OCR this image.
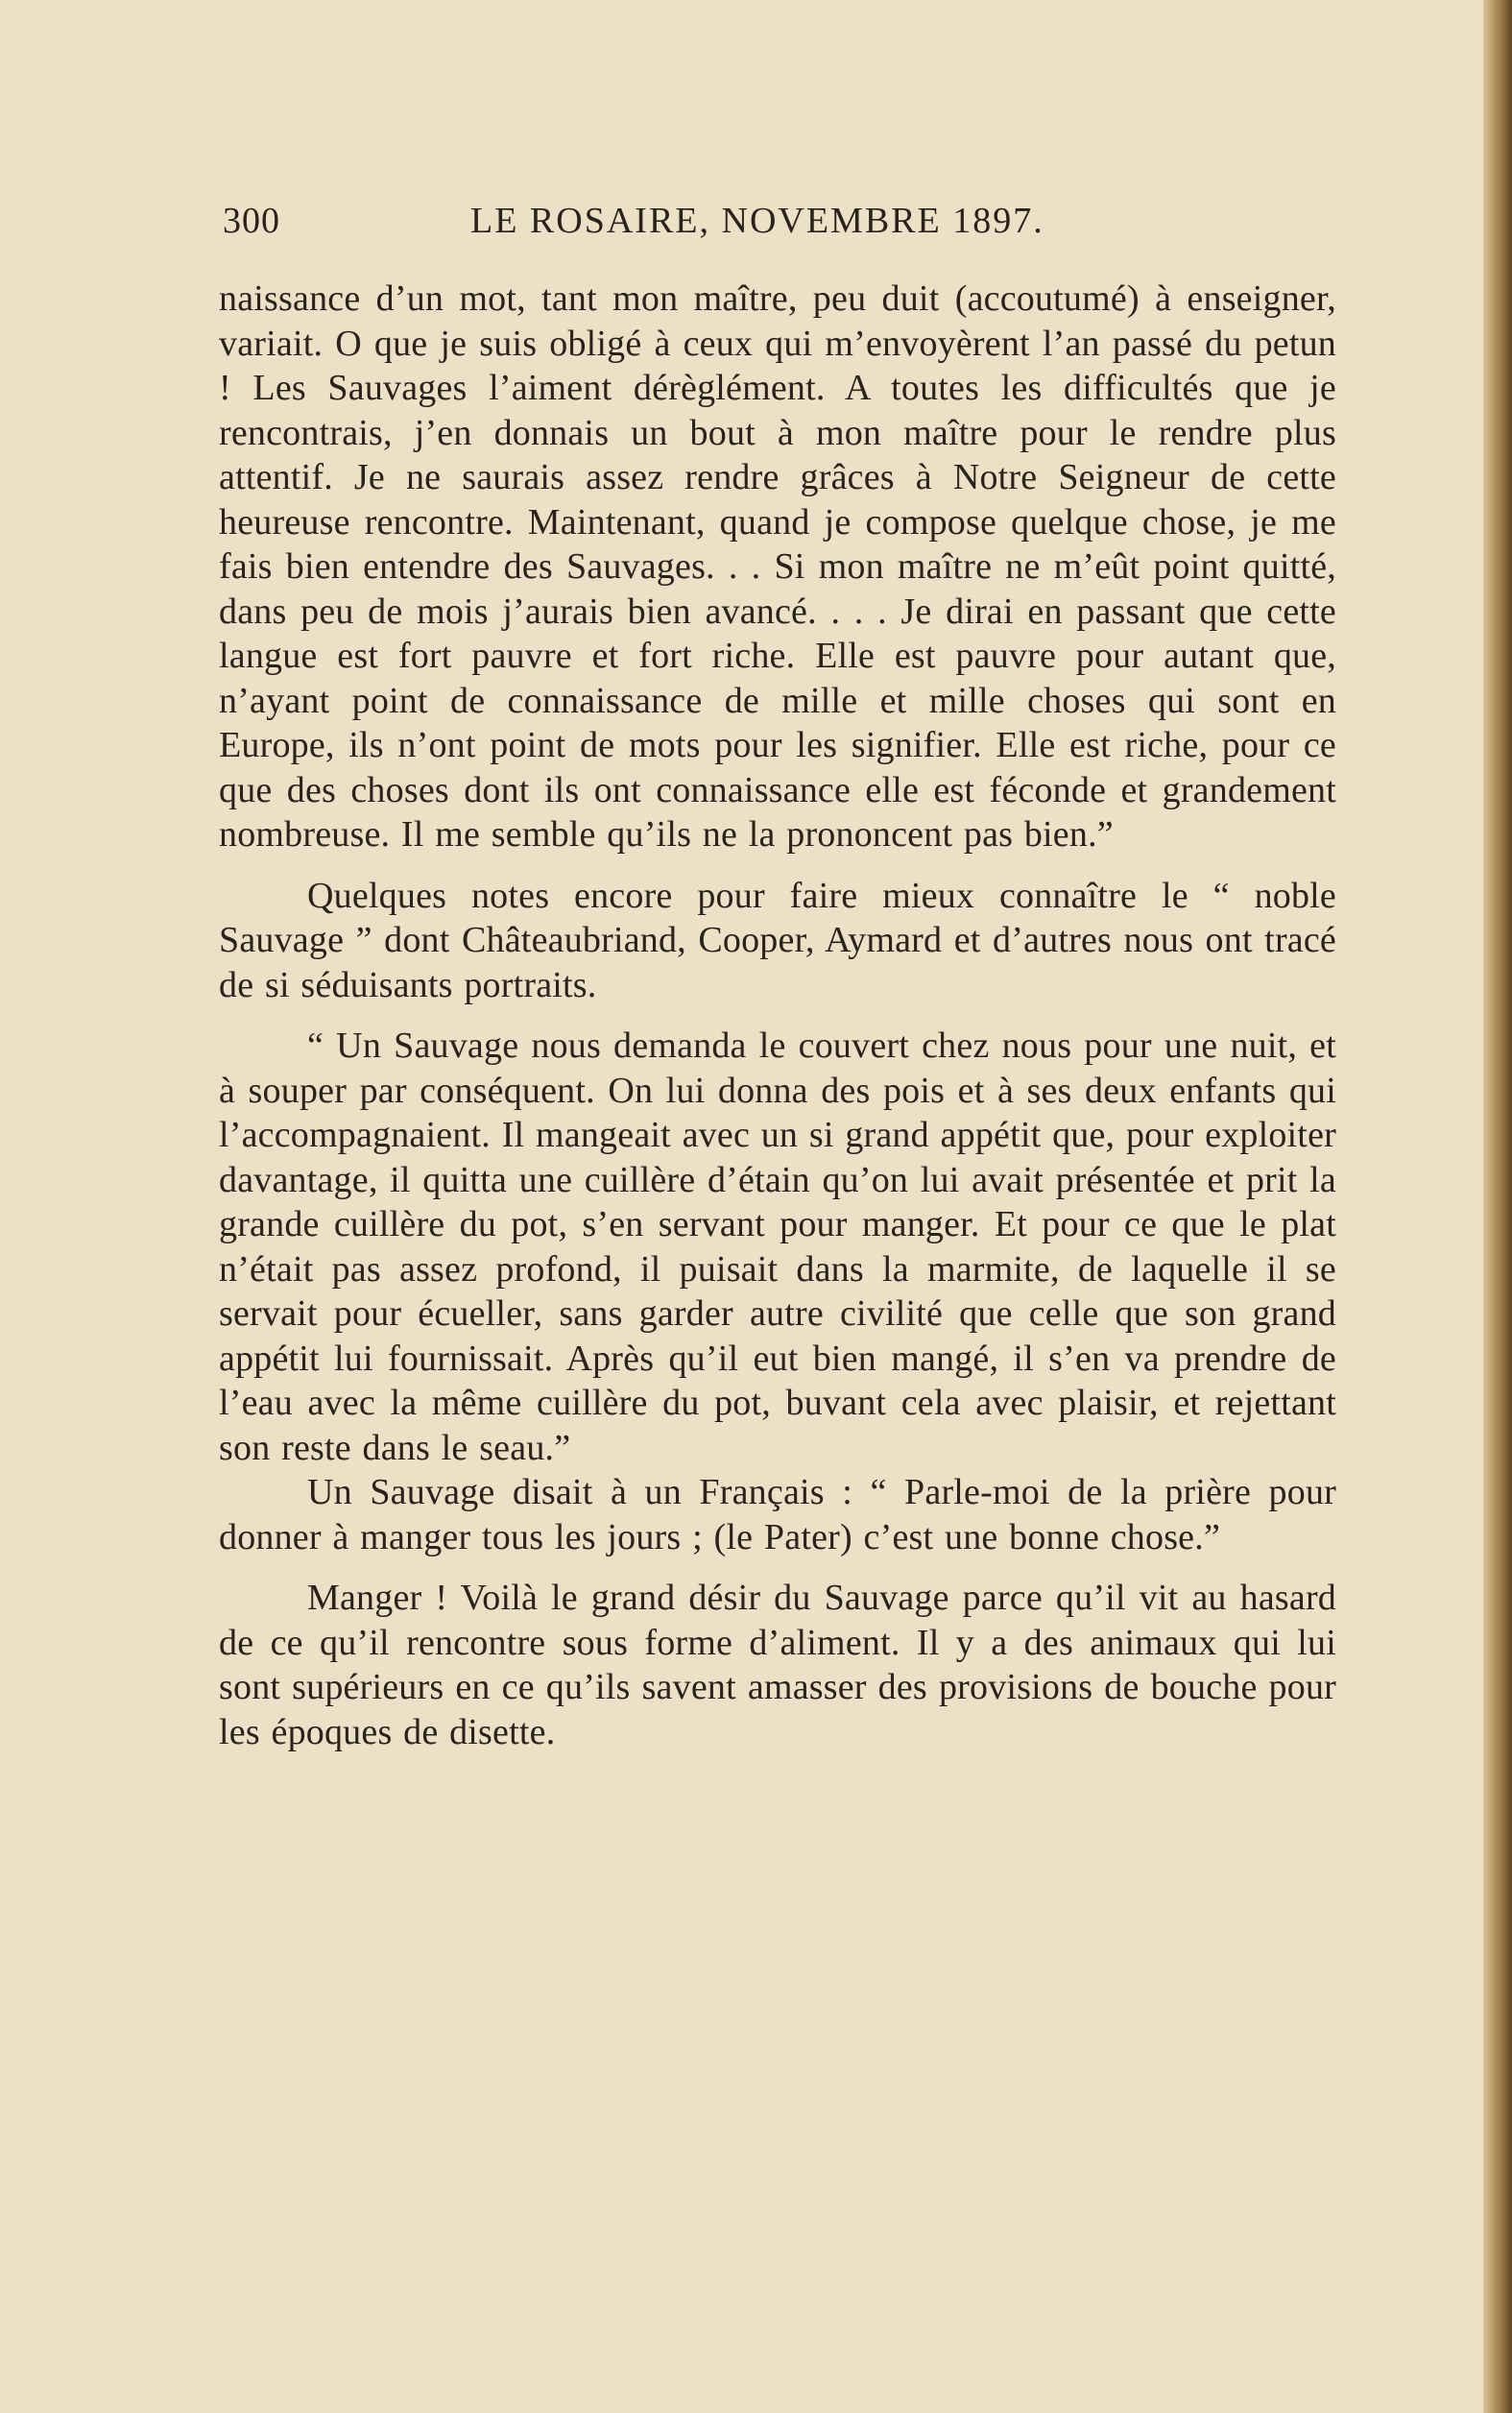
300	LE ROSAIRE, NOVEMBRE 1897.

naissance d’un mot, tant mon maître, peu duit (accoutumé) à enseigner, variait. O que je suis obligé à ceux qui m’envoyèrent l’an passé du petun ! Les Sauvages l’aiment dérèglément. A toutes les difficultés que je rencontrais, j’en donnais un bout à mon maître pour le rendre plus attentif. Je ne saurais assez rendre grâces à Notre Seigneur de cette heureuse rencontre. Maintenant, quand je compose quelque chose, je me fais bien entendre des Sauvages. . . Si mon maître ne m’eût point quitté, dans peu de mois j’aurais bien avancé. . . . Je dirai en passant que cette langue est fort pauvre et fort riche. Elle est pauvre pour autant que, n’ayant point de connaissance de mille et mille choses qui sont en Europe, ils n’ont point de mots pour les signifier. Elle est riche, pour ce que des choses dont ils ont connaissance elle est féconde et grandement nombreuse. Il me semble qu’ils ne la prononcent pas bien.”

Quelques notes encore pour faire mieux connaître le “ noble Sauvage ” dont Châteaubriand, Cooper, Aymard et d’autres nous ont tracé de si séduisants portraits.

“ Un Sauvage nous demanda le couvert chez nous pour une nuit, et à souper par conséquent. On lui donna des pois et à ses deux enfants qui l’accompagnaient. Il mangeait avec un si grand appétit que, pour exploiter davantage, il quitta une cuillère d’étain qu’on lui avait présentée et prit la grande cuillère du pot, s’en servant pour manger. Et pour ce que le plat n’était pas assez profond, il puisait dans la marmite, de laquelle il se servait pour écueller, sans garder autre civilité que celle que son grand appétit lui fournissait. Après qu’il eut bien mangé, il s’en va prendre de l’eau avec la même cuillère du pot, buvant cela avec plaisir, et rejettant son reste dans le seau.”

Un Sauvage disait à un Français : “ Parle-moi de la prière pour donner à manger tous les jours ; (le Pater) c’est une bonne chose.”

Manger ! Voilà le grand désir du Sauvage parce qu’il vit au hasard de ce qu’il rencontre sous forme d’aliment. Il y a des animaux qui lui sont supérieurs en ce qu’ils savent amasser des provisions de bouche pour les époques de disette.
